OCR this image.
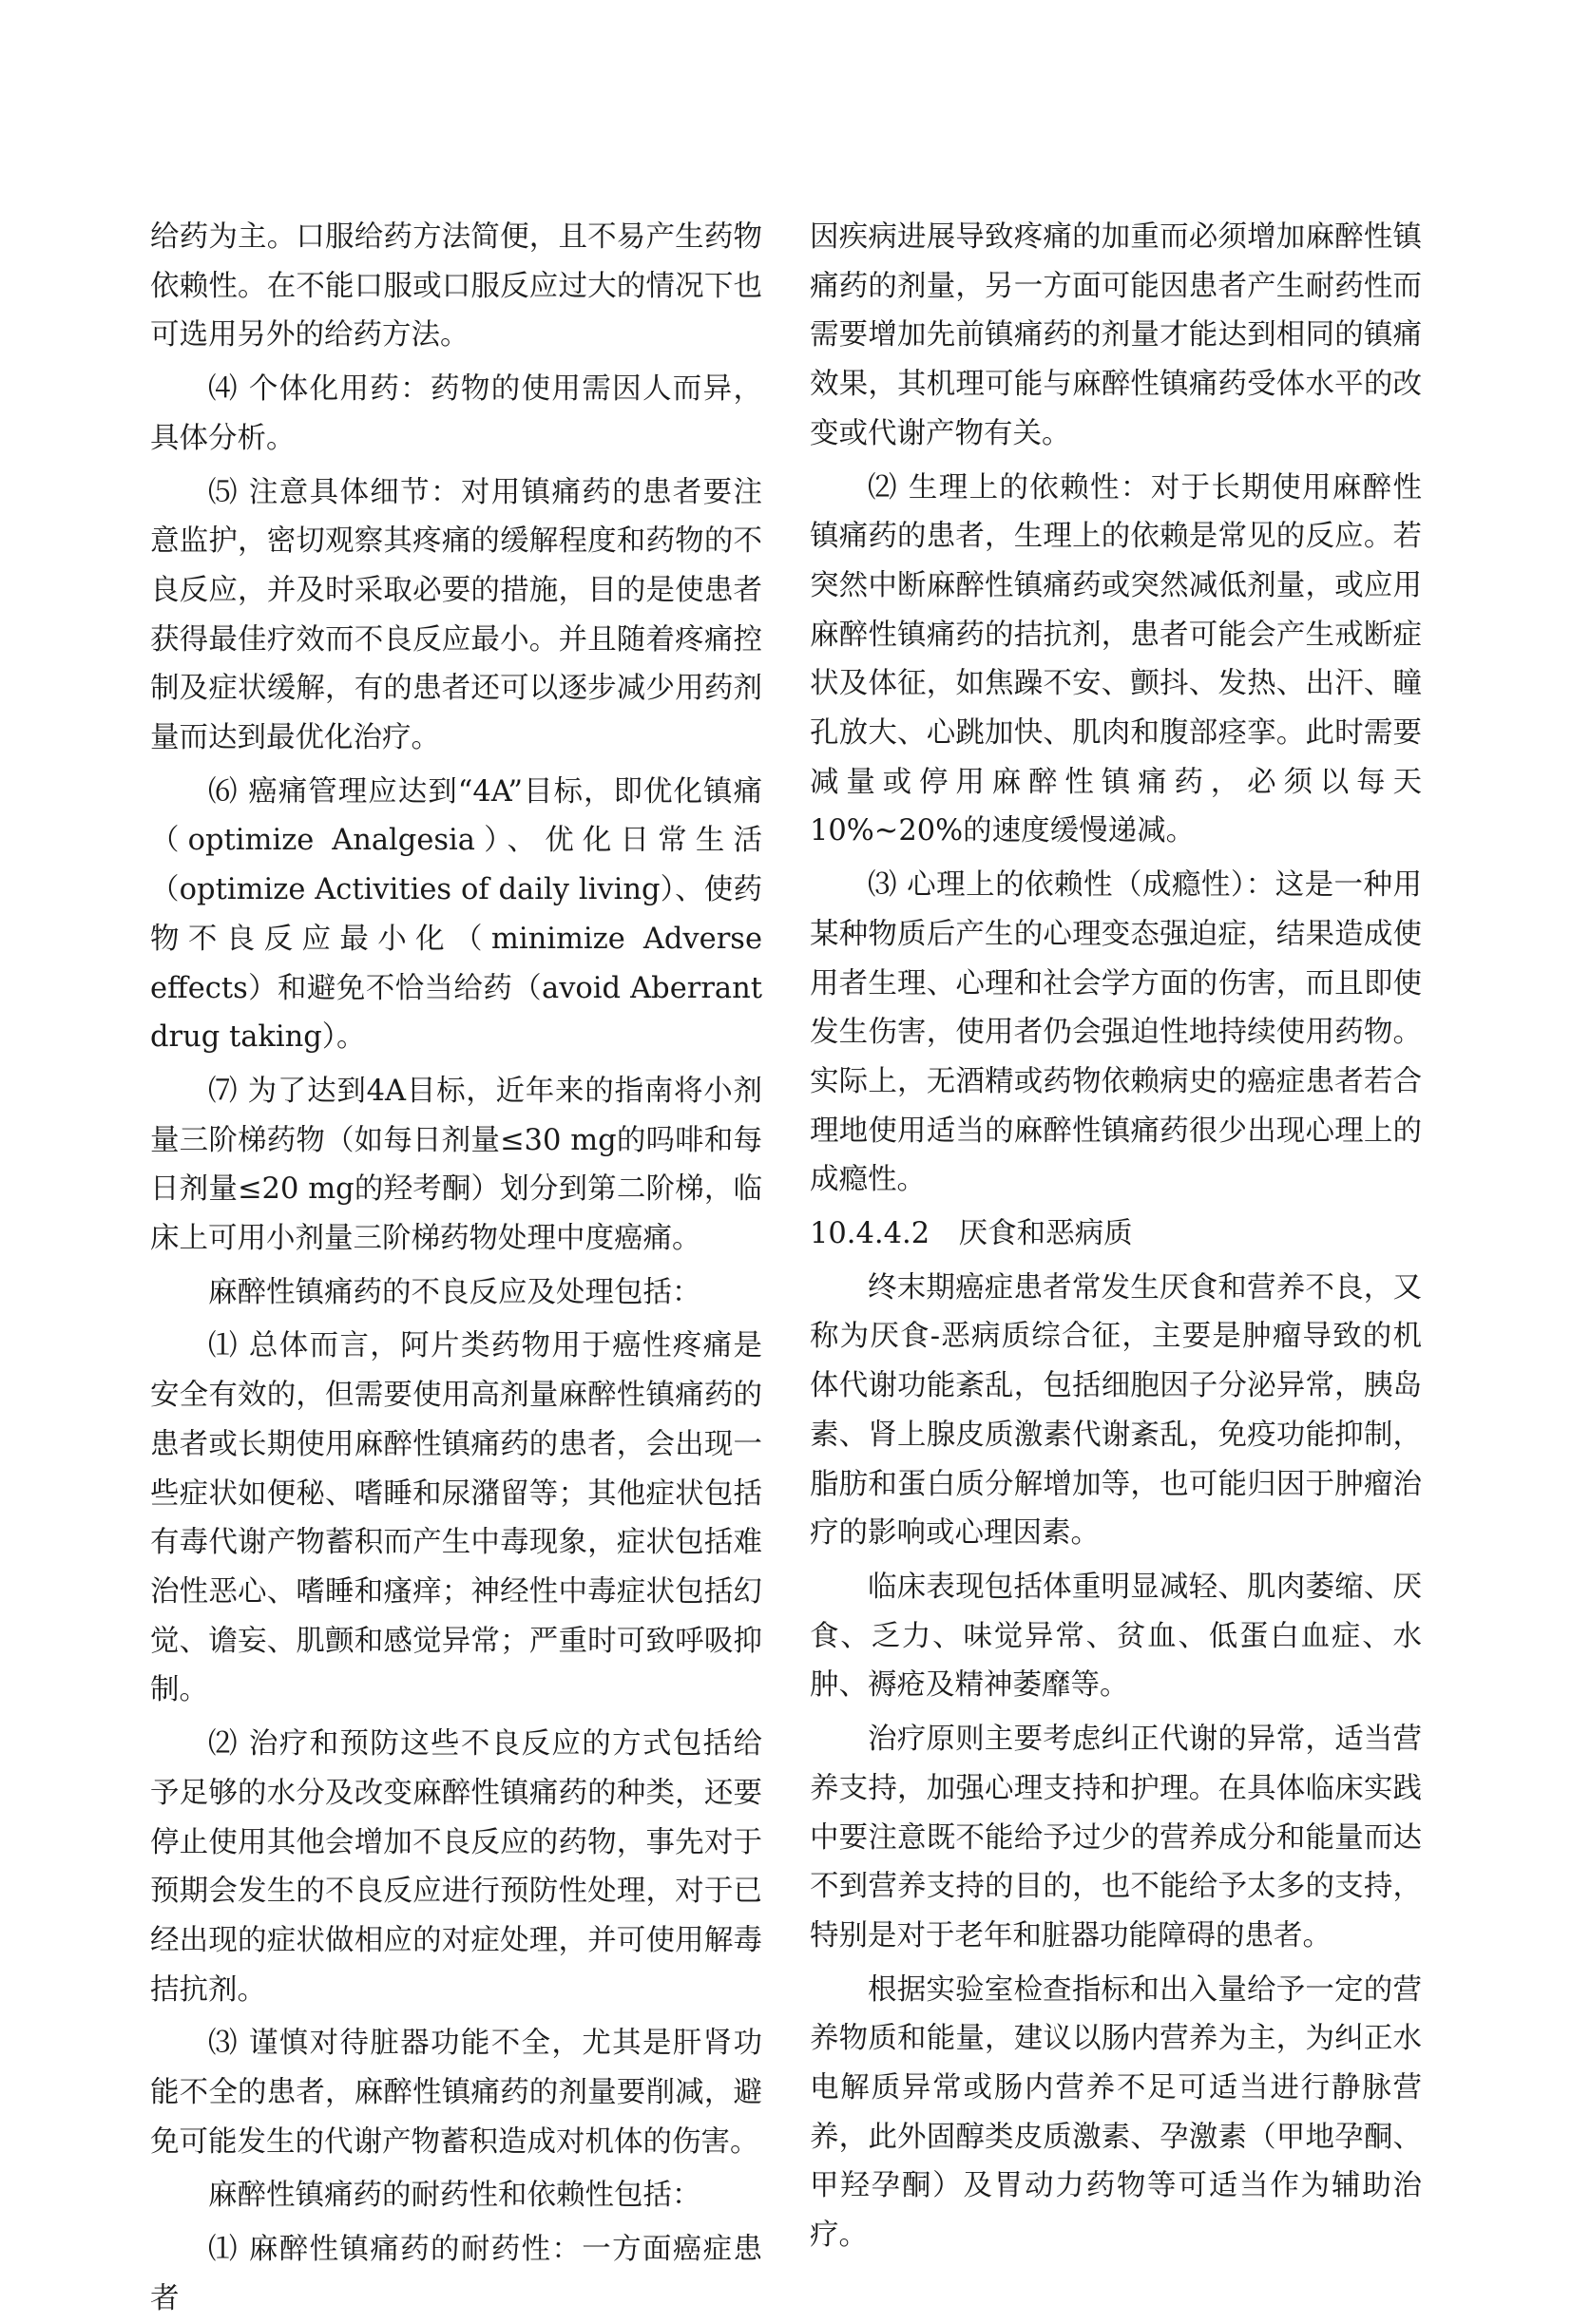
给药为主。口服给药方法简便，且不易产生药物依赖性。在不能口服或口服反应过大的情况下也可选用另外的给药方法。

⑷ 个体化用药：药物的使用需因人而异，具体分析。

⑸ 注意具体细节：对用镇痛药的患者要注意监护，密切观察其疼痛的缓解程度和药物的不良反应，并及时采取必要的措施，目的是使患者获得最佳疗效而不良反应最小。并且随着疼痛控制及症状缓解，有的患者还可以逐步减少用药剂量而达到最优化治疗。

⑹ 癌痛管理应达到“4A”目标，即优化镇痛（optimize Analgesia）、优化日常生活（optimize Activities of daily living）、使药物不良反应最小化（minimize Adverse effects）和避免不恰当给药（avoid Aberrant drug taking）。

⑺ 为了达到4A目标，近年来的指南将小剂量三阶梯药物（如每日剂量≤30 mg的吗啡和每日剂量≤20 mg的羟考酮）划分到第二阶梯，临床上可用小剂量三阶梯药物处理中度癌痛。

麻醉性镇痛药的不良反应及处理包括：

⑴ 总体而言，阿片类药物用于癌性疼痛是安全有效的，但需要使用高剂量麻醉性镇痛药的患者或长期使用麻醉性镇痛药的患者，会出现一些症状如便秘、嗜睡和尿潴留等；其他症状包括有毒代谢产物蓄积而产生中毒现象，症状包括难治性恶心、嗜睡和瘙痒；神经性中毒症状包括幻觉、谵妄、肌颤和感觉异常；严重时可致呼吸抑制。

⑵ 治疗和预防这些不良反应的方式包括给予足够的水分及改变麻醉性镇痛药的种类，还要停止使用其他会增加不良反应的药物，事先对于预期会发生的不良反应进行预防性处理，对于已经出现的症状做相应的对症处理，并可使用解毒拮抗剂。

⑶ 谨慎对待脏器功能不全，尤其是肝肾功能不全的患者，麻醉性镇痛药的剂量要削减，避免可能发生的代谢产物蓄积造成对机体的伤害。

麻醉性镇痛药的耐药性和依赖性包括：

⑴ 麻醉性镇痛药的耐药性：一方面癌症患者

因疾病进展导致疼痛的加重而必须增加麻醉性镇痛药的剂量，另一方面可能因患者产生耐药性而需要增加先前镇痛药的剂量才能达到相同的镇痛效果，其机理可能与麻醉性镇痛药受体水平的改变或代谢产物有关。

⑵ 生理上的依赖性：对于长期使用麻醉性镇痛药的患者，生理上的依赖是常见的反应。若突然中断麻醉性镇痛药或突然减低剂量，或应用麻醉性镇痛药的拮抗剂，患者可能会产生戒断症状及体征，如焦躁不安、颤抖、发热、出汗、瞳孔放大、心跳加快、肌肉和腹部痉挛。此时需要减量或停用麻醉性镇痛药，必须以每天10%~20%的速度缓慢递减。

⑶ 心理上的依赖性（成瘾性）：这是一种用某种物质后产生的心理变态强迫症，结果造成使用者生理、心理和社会学方面的伤害，而且即使发生伤害，使用者仍会强迫性地持续使用药物。实际上，无酒精或药物依赖病史的癌症患者若合理地使用适当的麻醉性镇痛药很少出现心理上的成瘾性。

10.4.4.2　厌食和恶病质

终末期癌症患者常发生厌食和营养不良，又称为厌食-恶病质综合征，主要是肿瘤导致的机体代谢功能紊乱，包括细胞因子分泌异常，胰岛素、肾上腺皮质激素代谢紊乱，免疫功能抑制，脂肪和蛋白质分解增加等，也可能归因于肿瘤治疗的影响或心理因素。

临床表现包括体重明显减轻、肌肉萎缩、厌食、乏力、味觉异常、贫血、低蛋白血症、水肿、褥疮及精神萎靡等。

治疗原则主要考虑纠正代谢的异常，适当营养支持，加强心理支持和护理。在具体临床实践中要注意既不能给予过少的营养成分和能量而达不到营养支持的目的，也不能给予太多的支持，特别是对于老年和脏器功能障碍的患者。

根据实验室检查指标和出入量给予一定的营养物质和能量，建议以肠内营养为主，为纠正水电解质异常或肠内营养不足可适当进行静脉营养，此外固醇类皮质激素、孕激素（甲地孕酮、甲羟孕酮）及胃动力药物等可适当作为辅助治疗。
